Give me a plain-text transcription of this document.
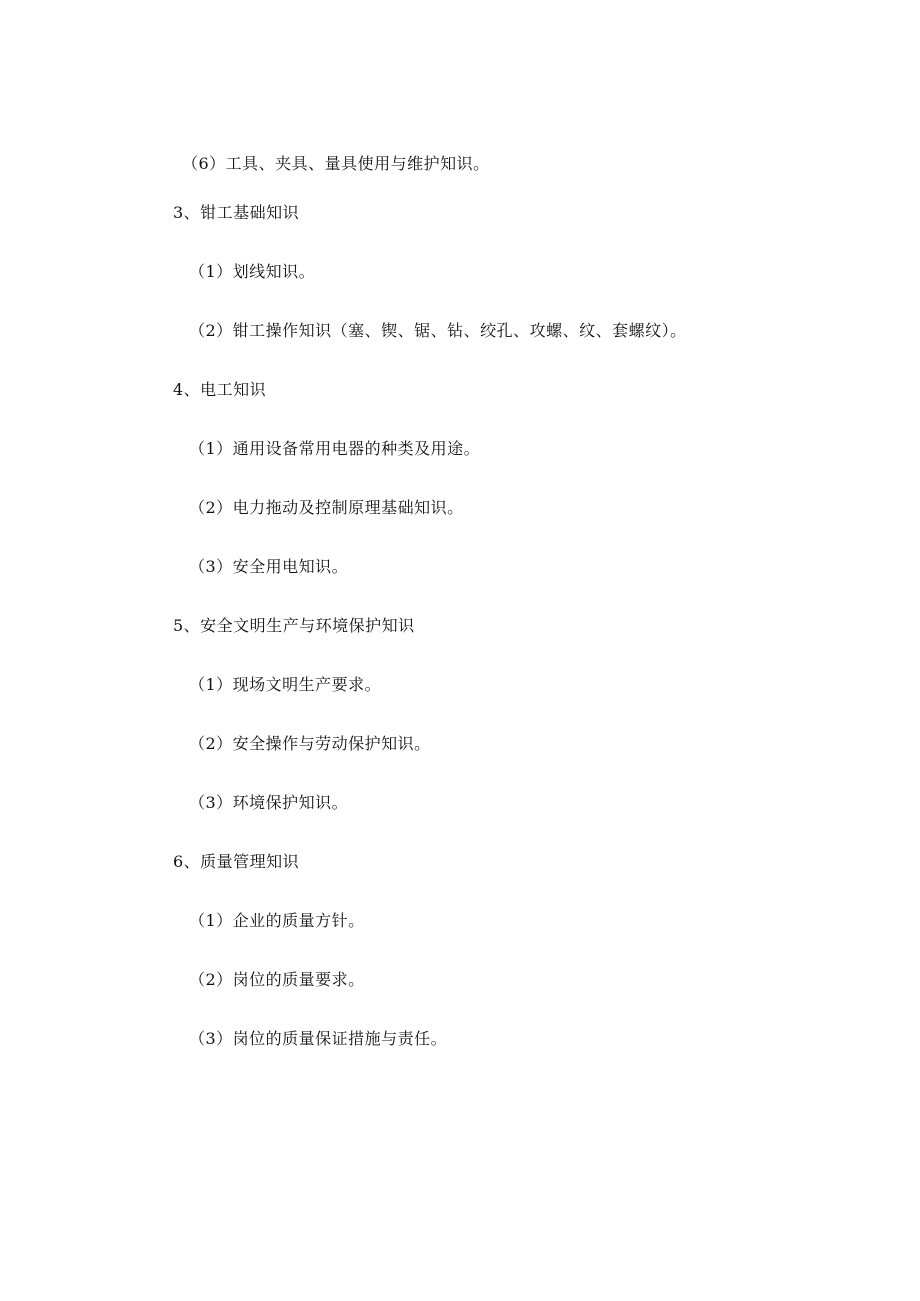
（6）工具、夹具、量具使用与维护知识。
3、钳工基础知识
（1）划线知识。
（2）钳工操作知识（塞、锲、锯、钻、绞孔、攻螺、纹、套螺纹）。
4、电工知识
（1）通用设备常用电器的种类及用途。
（2）电力拖动及控制原理基础知识。
（3）安全用电知识。
5、安全文明生产与环境保护知识
（1）现场文明生产要求。
（2）安全操作与劳动保护知识。
（3）环境保护知识。
6、质量管理知识
（1）企业的质量方针。
（2）岗位的质量要求。
（3）岗位的质量保证措施与责任。
